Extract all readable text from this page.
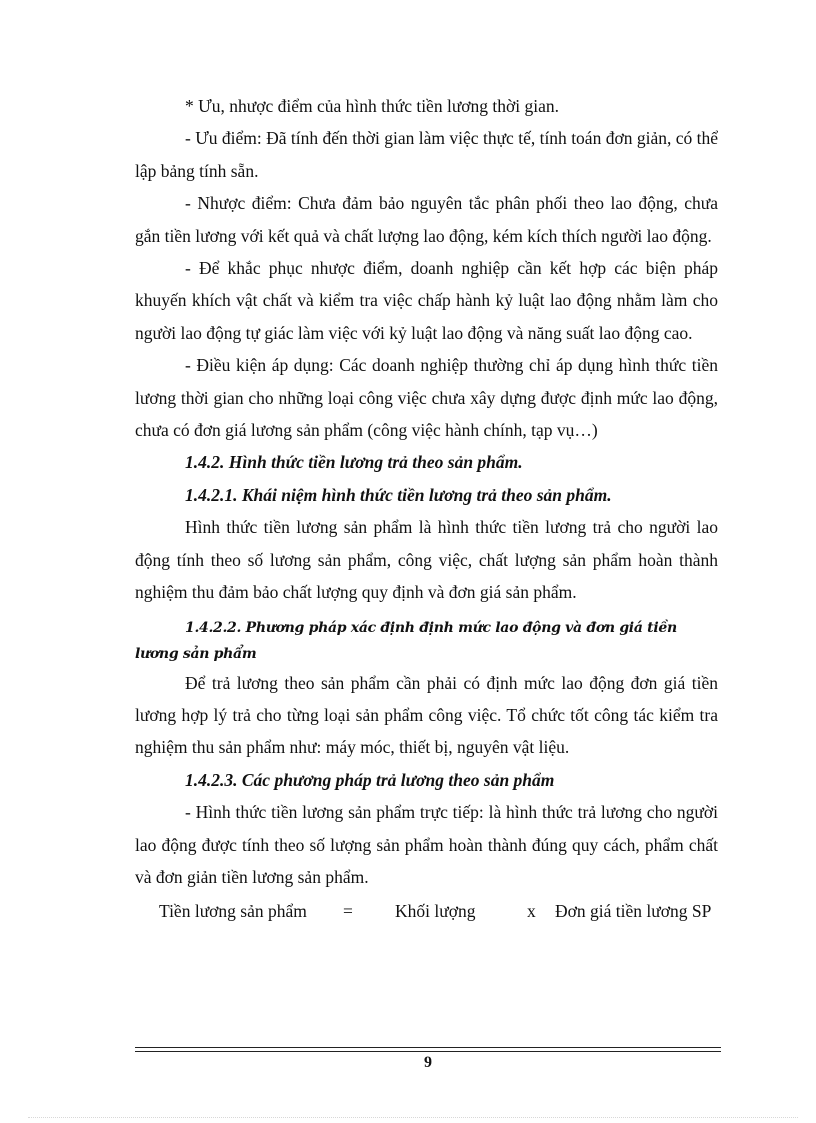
* Ưu, nhược điểm của hình thức tiền lương thời gian.

- Ưu điểm: Đã tính đến thời gian làm việc thực tế, tính toán đơn giản, có thể lập bảng tính sẵn.

- Nhược điểm: Chưa đảm bảo nguyên tắc phân phối theo lao động, chưa gắn tiền lương với kết quả và chất lượng lao động, kém kích thích người lao động.

- Để khắc phục nhược điểm, doanh nghiệp cần kết hợp các biện pháp khuyến khích vật chất và kiểm tra việc chấp hành kỷ luật lao động nhằm làm cho người lao động tự giác làm việc với kỷ luật lao động và năng suất lao động cao.

- Điều kiện áp dụng: Các doanh nghiệp thường chỉ áp dụng hình thức tiền lương thời gian cho những loại công việc chưa xây dựng được định mức lao động, chưa có đơn giá lương sản phẩm (công việc hành chính, tạp vụ…)

1.4.2. Hình thức tiền lương trả theo sản phẩm.

1.4.2.1. Khái niệm hình thức tiền lương trả theo sản phẩm.

Hình thức tiền lương sản phẩm là hình thức tiền lương trả cho người lao động tính theo số lương sản phẩm, công việc, chất lượng sản phẩm hoàn thành nghiệm thu đảm bảo chất lượng quy định và đơn giá sản phẩm.

1.4.2.2. Phương pháp xác định định mức lao động và đơn giá tiền lương sản phẩm

Để trả lương theo sản phẩm cần phải có định mức lao động đơn giá tiền lương hợp lý trả cho từng loại sản phẩm công việc. Tổ chức tốt công tác kiểm tra nghiệm thu sản phẩm như: máy móc, thiết bị, nguyên vật liệu.

1.4.2.3. Các phương pháp trả lương theo sản phẩm

- Hình thức tiền lương sản phẩm trực tiếp: là hình thức trả lương cho người lao động được tính theo số lượng sản phẩm hoàn thành đúng quy cách, phẩm chất và đơn giản tiền lương sản phẩm.

Tiền lương sản phẩm = Khối lượng	x Đơn giá tiền lương SP
9
